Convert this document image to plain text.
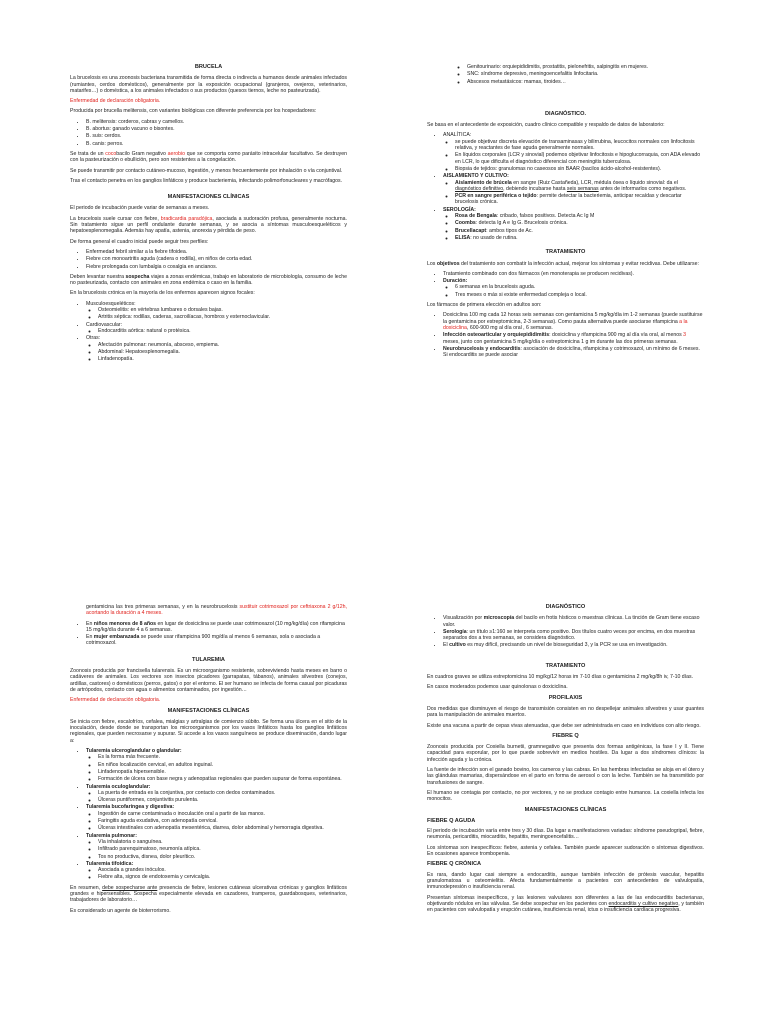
BRUCELA

La brucelosis es una zoonosis bacteriana transmitida de forma directa o indirecta a humanos desde animales infectados (rumiantes, cerdos domésticos), generalmente por la exposición ocupacional (granjeros, ovejeros, veterinarios, matarifes…) o doméstica, a los animales infectados o sus productos (quesos tiernos, leche no pasteurizada).

Enfermedad de declaración obligatoria.

Producida por brucella melitensis, con variantes biológicas con diferente preferencia por los hospedadores:

• B. melitensis: corderos, cabras y camellos.
• B. abortus: ganado vacuno o bisontes.
• B. suis: cerdos.
• B. canis: perros.

Se trata de un cocobacilo Gram negativo aerobio que se comporta como parásito intracelular facultativo. Se destruyen con la pasteurización o ebullición, pero son resistentes a la congelación.

Se puede transmitir por contacto cutáneo-mucoso, ingestión, y menos frecuentemente por inhalación o vía conjuntival.

Tras el contacto penetra en los ganglios linfáticos y produce bacteriemia, infectando polimorfonucleares y macrófagos.

MANIFESTACIONES CLÍNICAS

El periodo de incubación puede variar de semanas a meses.

La brucelosis suele cursar con fiebre, bradicardia paradójica, asociada a sudoración profusa, generalmente nocturna. Sin tratamiento sigue un perfil ondulante durante semanas, y se asocia a síntomas musculoesqueléticos y hepatoesplenomegalia. Además hay apatía, astenia, anorexia y pérdida de peso.

De forma general el cuadro inicial puede seguir tres perfiles:

• Enfermedad febril similar a la fiebre tifoidea.
• Fiebre con monoartritis aguda (cadera o rodilla), en niños de corta edad.
• Fiebre prolongada con lumbalgia o coxalgia en ancianos.

Deben levantar nuestra sospecha viajes a zonas endémicas, trabajo en laboratorio de microbiología, consumo de leche no pasteurizada, contacto con animales en zona endémica o caso en la familia.

En la brucelosis crónica en la mayoría de los enfermos aparecen signos focales:

• Musculoesqueléticos:
◦ Osteomielitis: en vértebras lumbares o dorsales bajas.
◦ Artritis séptica: rodillas, caderas, sacroilíacas, hombros y esternoclavicular.
• Cardiovascular:
◦ Endocarditis aórtica: natural o protésica.
• Otras:
◦ Afectación pulmonar: neumonía, absceso, empiema.
◦ Abdominal: Hepatoesplenomegalia.
◦ Linfadenopatía.
◦ Genitourinario: orquiepididimitis, prostatitis, pielonefritis, salpingitis en mujeres.
◦ SNC: síndrome depresivo, meningoencefalitis linfocitaria.
◦ Abscesos metastásicos: mamas, tiroides…
DIAGNÓSTICO.

Se basa en el antecedente de exposición, cuadro clínico compatible y respaldo de datos de laboratorio:

• ANALÍTICA:
◦ se puede objetivar discreta elevación de transaminasas y bilirrubina, leucocitos normales con linfocitosis relativa, y reactantes de fase aguda generalmente normales.
◦ En líquidos corporales (LCR y sinovial) podemos objetivar linfocitosis e hipoglucorraquia, con ADA elevado en LCR, lo que dificulta el diagnóstico diferencial con meningitis tuberculosa.
◦ Biopsia de tejidos: granulomas no caseosos sin BAAR (bacilos ácido-alcohol-resistentes).
• AISLAMIENTO Y CULTIVO:
◦ Aislamiento de brúcela en sangre (Ruiz Castañeda), LCR, médula ósea o líquido sinovial: da el diagnóstico definitivo, debiendo incubarse hasta seis semanas antes de informarlos como negativos.
◦ PCR en sangre periférica o tejido: permite detectar la bacteriemia, anticipar recaídas y descartar brucelosis crónica.
• SEROLOGÍA:
◦ Rosa de Bengala: cribado, falsos positivos. Detecta Ac Ig M
◦ Coombs: detecta Ig A e Ig G. Brucelosis crónica.
◦ Brucellacapt: ambos tipos de Ac.
◦ ELISA: no usado de rutina.
TRATAMIENTO

Los objetivos del tratamiento son combatir la infección actual, mejorar los síntomas y evitar recidivas. Debe utilizarse:

• Tratamiento combinado con dos fármacos (en monoterapia se producen recidivas).
• Duración:
◦ 6 semanas en la brucelosis aguda.
◦ Tres meses o más si existe enfermedad compleja o local.

Los fármacos de primera elección en adultos son:

• Doxiciclina 100 mg cada 12 horas seis semanas con gentamicina 5 mg/kg/día im 1-2 semanas (puede sustituirse la gentamicina por estreptomicina, 2-3 semanas). Como pauta alternativa puede asociarse rifampicina a la doxiciclina, 600-900 mg al día oral , 6 semanas.
• Infección osteoarticular y orquiepididimitis: doxiciclina y rifampicina 900 mg al día vía oral, al menos 3 meses, junto con gentamicina 5 mg/kg/día o estreptomicina 1 g im durante las dos primeras semanas.
• Neurobrucelosis y endocarditis: asociación de doxiciclina, rifampicina y cotrimoxazol, un mínimo de 6 meses. Si endocarditis se puede asociar

gentamicina las tres primeras semanas, y en la neurobrucelosis sustituir cotrimoxazol por ceftriaxona 2 g/12h, acortando la duración a 4 meses.

• En niños menores de 8 años en lugar de doxiciclina se puede usar cotrimoxazol (10 mg/kg/día) con rifampicina 15 mg/kg/día durante 4 a 6 semanas.
• En mujer embarazada se puede usar rifampicina 900 mg/día al menos 6 semanas, sola o asociada a cotrimoxazol.
TULAREMIA

Zoonosis producida por francisella tularensis. Es un microorganismo resistente, sobreviviendo hasta meses en barro o cadáveres de animales. Los vectores son insectos picadores (garrapatas, tábanos), animales silvestres (conejos, ardillas, castores) o domésticos (perros, gatos) o por el entorno. El ser humano se infecta de forma casual por picaduras de artrópodos, contacto con agua o alimentos contaminados, por ingestión…

Enfermedad de declaración obligatoria.

MANIFESTACIONES CLÍNICAS

Se inicia con fiebre, escalofríos, cefalea, mialgias y artralgias de comienzo súbito. Se forma una úlcera en el sitio de la inoculación, desde donde se transportan los microorganismos por los vasos linfáticos hasta los ganglios linfáticos regionales, que pueden necrosarse y supurar. Si accede a los vasos sanguíneos se produce diseminación, dando lugar a:

• Tularemia ulceroglandular o glandular:
◦ Es la forma más frecuente.
◦ En niños localización cervical, en adultos inguinal.
◦ Linfadenopatía hipersensible.
◦ Formación de úlcera con base negra y adenopatías regionales que pueden supurar de forma espontánea.
• Tularemia oculoglandular:
◦ La puerta de entrada es la conjuntiva, por contacto con dedos contaminados.
◦ Úlceras puntiformes, conjuntivitis purulenta.
• Tularemia bucofaríngea y digestiva:
◦ Ingestión de carne contaminada o inoculación oral a partir de las manos.
◦ Faringitis aguda exudativa, con adenopatía cervical.
◦ Úlceras intestinales con adenopatía mesentérica, diarrea, dolor abdominal y hemorragia digestiva.
• Tularemia pulmonar:
◦ Vía inhalatoria o sanguínea.
◦ Infiltrado parenquimatoso, neumonía atípica.
◦ Tos no productiva, disnea, dolor pleurítico.
• Tularemia tifoidica:
◦ Asociada a grandes inóculos.
◦ Fiebre alta, signos de endotoxemia y cervicalgia.

En resumen, debe sospecharse ante presencia de fiebre, lesiones cutáneas ulcerativas crónicas y ganglios linfáticos grandes e hipersensibles. Sospecha especialmente elevada en cazadores, tramperos, guardabosques, veterinarios, trabajadores de laboratorio…

Es considerado un agente de bioterrorismo.

DIAGNÓSTICO
• Visualización por microscopía del bacilo en frotis hísticos o muestras clínicas. La tinción de Gram tiene escaso valor.
• Serología: un título ≥1:160 se interpreta como positivo. Dos títulos cuatro veces por encima, en dos muestras separados dos a tres semanas, se considera diagnóstico.
• El cultivo es muy difícil, precisando un nivel de bioseguridad 3, y la PCR se usa en investigación.
TRATAMIENTO

En cuadros graves se utiliza estreptomicina 10 mg/kg/12 horas im 7-10 días o gentamicina 2 mg/kg/8h iv, 7-10 días.

En casos moderados podemos usar quinolonas o doxiciclina.

PROFILAXIS

Dos medidas que disminuyen el riesgo de transmisión consisten en no despellejar animales silvestres y usar guantes para la manipulación de animales muertos.

Existe una vacuna a partir de cepas vivas atenuadas, que debe ser administrada en caso en individuos con alto riesgo.

FIEBRE Q

Zoonosis producida por Coxiella burnetii, gramnegativo que presenta dos formas antigénicas, la fase I y II. Tiene capacidad para esporular, por lo que puede sobrevivir en medios hostiles. Da lugar a dos síndromes clínicos: la infección aguda y la crónica.

La fuente de infección son el ganado bovino, los carneros y las cabras. En las hembras infectadas se aloja en el útero y las glándulas mamarias, dispersándose en el parto en forma de aerosol o con la leche. También se ha transmitido por transfusiones de sangre.

El humano se contagia por contacto, no por vectores, y no se produce contagio entre humanos. La coxiella infecta los monocitos.

MANIFESTACIONES CLÍNICAS
FIEBRE Q AGUDA

El periodo de incubación varía entre tres y 30 días. Da lugar a manifestaciones variadas: síndrome pseudogripal, fiebre, neumonía, pericarditis, miocarditis, hepatitis, meningoencefalitis…

Los síntomas son inespecíficos: fiebre, astenia y cefalea. También puede aparecer sudoración o síntomas digestivos. En ocasiones aparece trombopenia.

FIEBRE Q CRÓNICA

Es rara, dando lugar casi siempre a endocarditis, aunque también infección de prótesis vascular, hepatitis granulomatosa u osteomielitis. Afecta fundamentalmente a pacientes con antecedentes de valvulopatía, inmunodepresión o insuficiencia renal.

Presentan síntomas inespecíficos, y las lesiones valvulares son diferentes a las de las endocarditis bacterianas, objetivando nódulos en las válvulas. Se debe sospechar en los pacientes con endocarditis y cultivo negativo, y también en pacientes con valvulopatía y erupción cutánea, insuficiencia renal, ictus o insuficiencia cardíaca progresiva.
